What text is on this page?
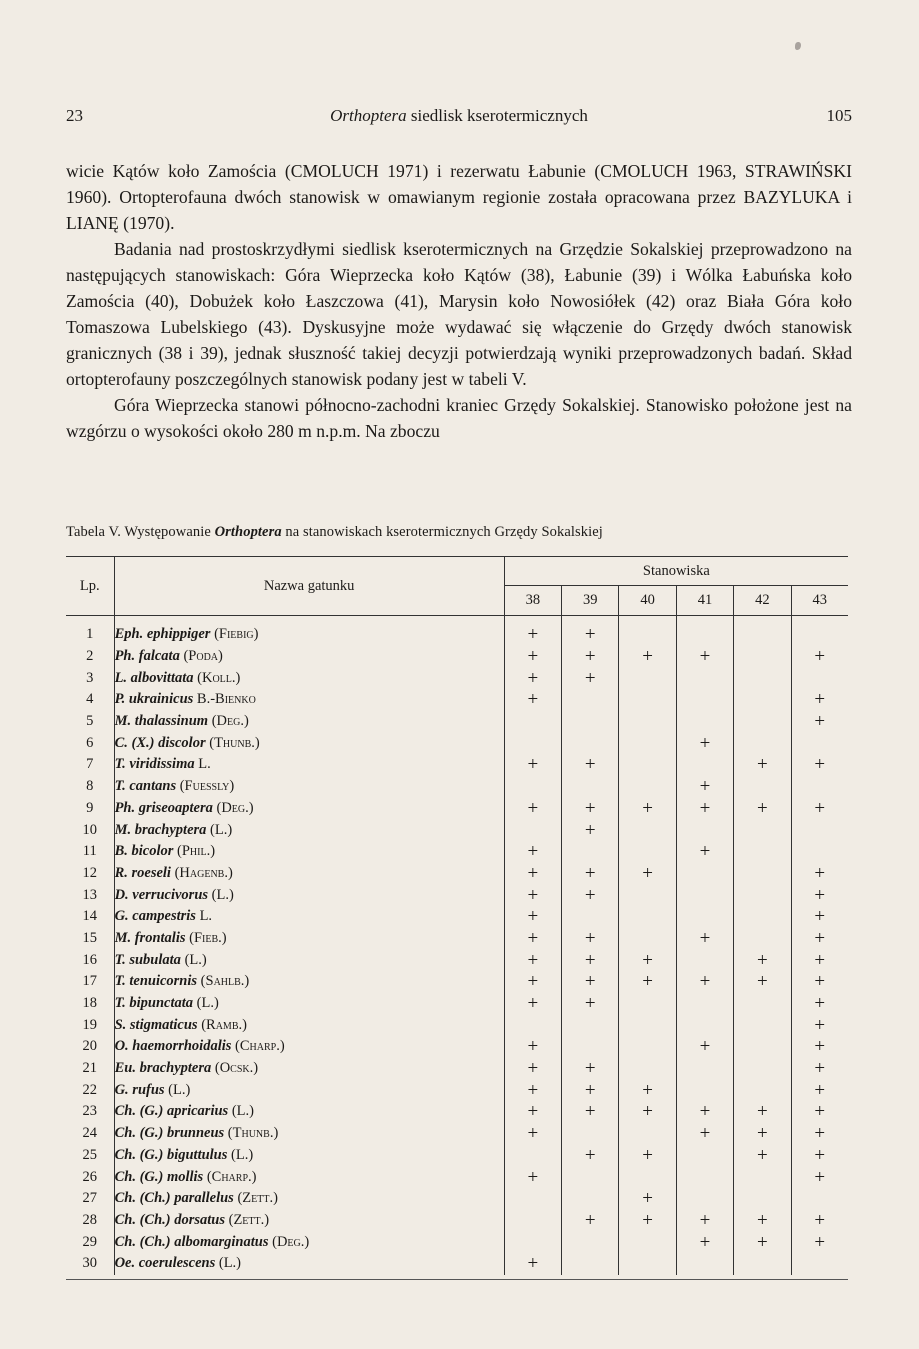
23	Orthoptera siedlisk kserotermicznych	105

wicie Kątów koło Zamościa (CMOLUCH 1971) i rezerwatu Łabunie (CMOLUCH 1963, STRAWIŃSKI 1960). Ortopterofauna dwóch stanowisk w omawianym regionie została opracowana przez BAZYLUKA i LIANĘ (1970).

Badania nad prostoskrzydłymi siedlisk kserotermicznych na Grzędzie Sokalskiej przeprowadzono na następujących stanowiskach: Góra Wieprzecka koło Kątów (38), Łabunie (39) i Wólka Łabuńska koło Zamościa (40), Dobużek koło Łaszczowa (41), Marysin koło Nowosiółek (42) oraz Biała Góra koło Tomaszowa Lubelskiego (43). Dyskusyjne może wydawać się włączenie do Grzędy dwóch stanowisk granicznych (38 i 39), jednak słuszność takiej decyzji potwierdzają wyniki przeprowadzonych badań. Skład ortopterofauny poszczególnych stanowisk podany jest w tabeli V.

Góra Wieprzecka stanowi północno-zachodni kraniec Grzędy Sokalskiej. Stanowisko położone jest na wzgórzu o wysokości około 280 m n.p.m. Na zboczu

Tabela V. Występowanie Orthoptera na stanowiskach kserotermicznych Grzędy Sokalskiej
Lp.	Nazwa gatunku	Stanowiska					
		38	39	40	41	42	43
1	Eph. ephippiger (Fiebig)	+	+				
2	Ph. falcata (Poda)	+	+	+	+		+
3	L. albovittata (Koll.)	+	+				
4	P. ukrainicus B.-Bienko	+					+
5	M. thalassinum (Deg.)						+
6	C. (X.) discolor (Thunb.)				+		
7	T. viridissima L.	+	+			+	+
8	T. cantans (Fuessly)				+		
9	Ph. griseoaptera (Deg.)	+	+	+	+	+	+
10	M. brachyptera (L.)		+				
11	B. bicolor (Phil.)	+			+		
12	R. roeseli (Hagenb.)	+	+	+			+
13	D. verrucivorus (L.)	+	+				+
14	G. campestris L.	+					+
15	M. frontalis (Fieb.)	+	+		+		+
16	T. subulata (L.)	+	+	+		+	+
17	T. tenuicornis (Sahlb.)	+	+	+	+	+	+
18	T. bipunctata (L.)	+	+				+
19	S. stigmaticus (Ramb.)						+
20	O. haemorrhoidalis (Charp.)	+			+		+
21	Eu. brachyptera (Ocsk.)	+	+				+
22	G. rufus (L.)	+	+	+			+
23	Ch. (G.) apricarius (L.)	+	+	+	+	+	+
24	Ch. (G.) brunneus (Thunb.)	+			+	+	+
25	Ch. (G.) biguttulus (L.)		+	+		+	+
26	Ch. (G.) mollis (Charp.)	+					+
27	Ch. (Ch.) parallelus (Zett.)			+			
28	Ch. (Ch.) dorsatus (Zett.)		+	+	+	+	+
29	Ch. (Ch.) albomarginatus (Deg.)				+	+	+
30	Oe. coerulescens (L.)	+					
